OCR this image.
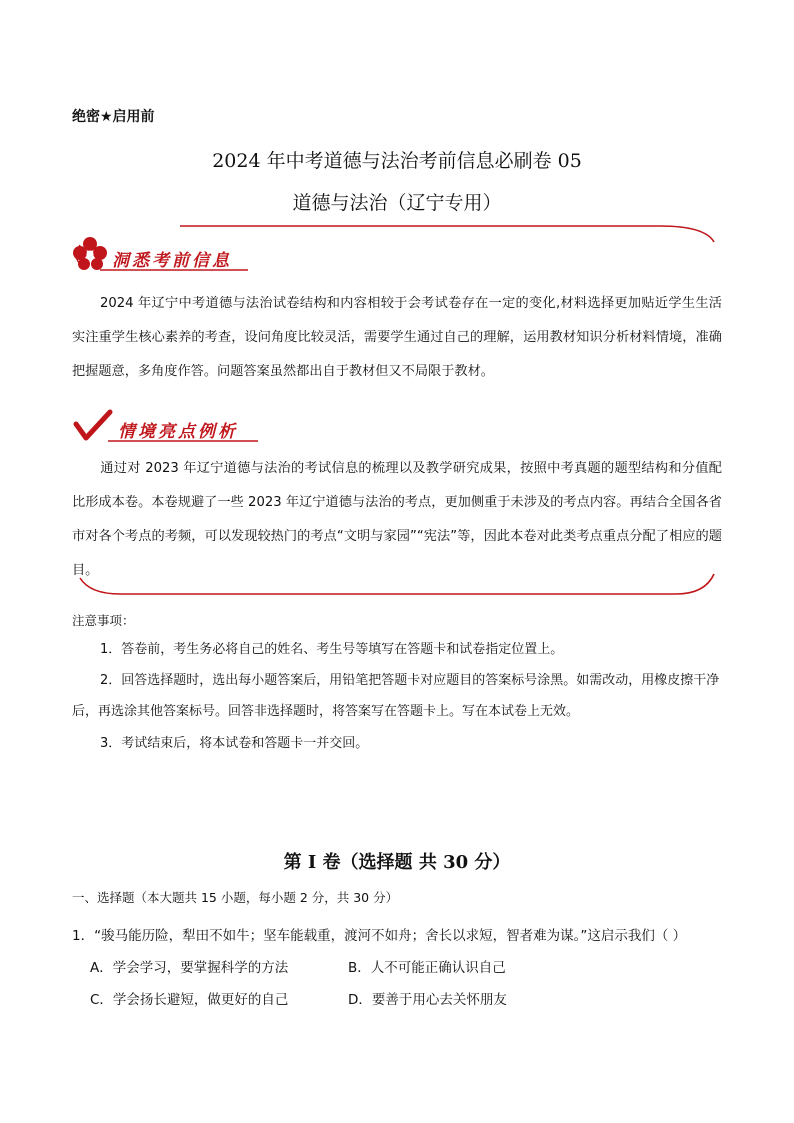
绝密★启用前
2024 年中考道德与法治考前信息必刷卷 05
道德与法治（辽宁专用）
洞悉考前信息
2024 年辽宁中考道德与法治试卷结构和内容相较于会考试卷存在一定的变化,材料选择更加贴近学生生活实注重学生核心素养的考查，设问角度比较灵活，需要学生通过自己的理解，运用教材知识分析材料情境，准确把握题意，多角度作答。问题答案虽然都出自于教材但又不局限于教材。
情境亮点例析
通过对 2023 年辽宁道德与法治的考试信息的梳理以及教学研究成果，按照中考真题的题型结构和分值配比形成本卷。本卷规避了一些 2023 年辽宁道德与法治的考点，更加侧重于未涉及的考点内容。再结合全国各省市对各个考点的考频，可以发现较热门的考点“文明与家园”“宪法”等，因此本卷对此类考点重点分配了相应的题目。
注意事项：
1．答卷前，考生务必将自己的姓名、考生号等填写在答题卡和试卷指定位置上。
2．回答选择题时，选出每小题答案后，用铅笔把答题卡对应题目的答案标号涂黑。如需改动，用橡皮擦干净后，再选涂其他答案标号。回答非选择题时，将答案写在答题卡上。写在本试卷上无效。
3．考试结束后，将本试卷和答题卡一并交回。
第 I 卷（选择题 共 30 分）
一、选择题（本大题共 15 小题，每小题 2 分，共 30 分）
1．“骏马能历险，犁田不如牛；坚车能载重，渡河不如舟；舍长以求短，智者难为谋。”这启示我们（ ）
A．学会学习，要掌握科学的方法	B．人不可能正确认识自己
C．学会扬长避短，做更好的自己	D．要善于用心去关怀朋友
